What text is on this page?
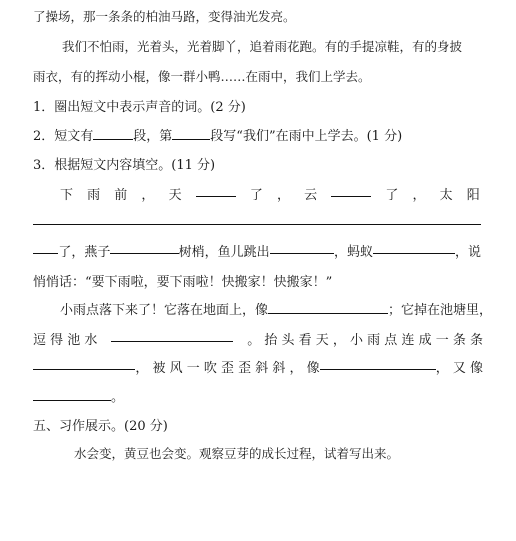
了操场，那一条条的柏油马路，变得油光发亮。
我们不怕雨，光着头，光着脚丫，追着雨花跑。有的手提凉鞋，有的身披
雨衣，有的挥动小棍，像一群小鸭……在雨中，我们上学去。
1．圈出短文中表示声音的词。(2 分)
2．短文有	段，第	段写“我们”在雨中上学去。(1 分)
3．根据短文内容填空。(11 分)
下 雨 前 ， 天	了 ， 云	了 ， 太 阳
了，燕子	树梢，鱼儿跳出	，蚂蚁	，说
悄悄话：“要下雨啦，要下雨啦！快搬家！快搬家！”
小雨点落下来了！它落在地面上，像	；它掉在池塘里，
逗 得 池 水	。 抬 头 看 天 ， 小 雨 点 连 成 一 条 条
， 被 风 一 吹 歪 歪 斜 斜 ， 像	， 又 像
。
五、习作展示。(20 分)
水会变，黄豆也会变。观察豆芽的成长过程，试着写出来。
